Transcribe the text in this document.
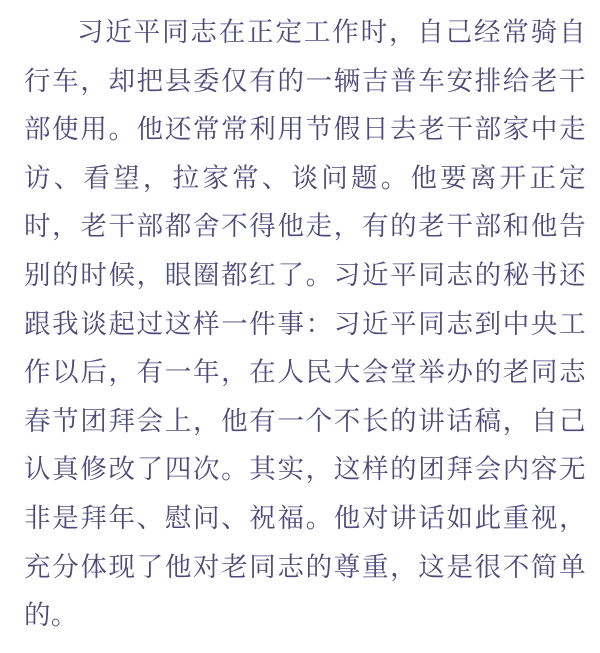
习近平同志在正定工作时，自己经常骑自行车，却把县委仅有的一辆吉普车安排给老干部使用。他还常常利用节假日去老干部家中走访、看望，拉家常、谈问题。他要离开正定时，老干部都舍不得他走，有的老干部和他告别的时候，眼圈都红了。习近平同志的秘书还跟我谈起过这样一件事：习近平同志到中央工作以后，有一年，在人民大会堂举办的老同志春节团拜会上，他有一个不长的讲话稿，自己认真修改了四次。其实，这样的团拜会内容无非是拜年、慰问、祝福。他对讲话如此重视，充分体现了他对老同志的尊重，这是很不简单的。
